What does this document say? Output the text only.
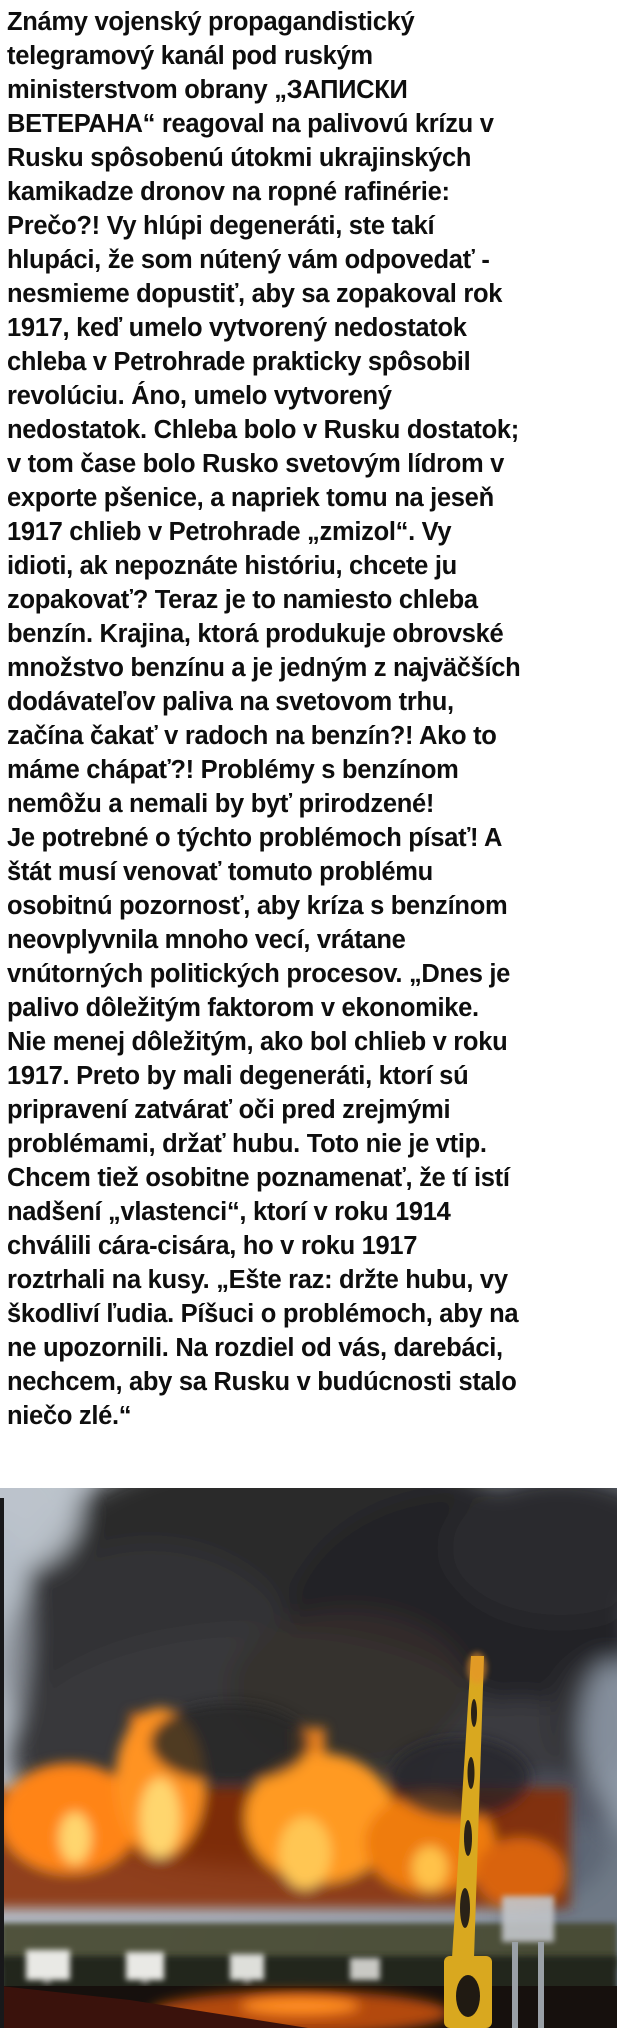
Známy vojenský propagandistický
telegramový kanál pod ruským
ministerstvom obrany „ЗАПИСКИ
ВЕТЕРАНА“ reagoval na palivovú krízu v
Rusku spôsobenú útokmi ukrajinských
kamikadze dronov na ropné rafinérie:
Prečo?! Vy hlúpi degeneráti, ste takí
hlupáci, že som nútený vám odpovedať -
nesmieme dopustiť, aby sa zopakoval rok
1917, keď umelo vytvorený nedostatok
chleba v Petrohrade prakticky spôsobil
revolúciu. Áno, umelo vytvorený
nedostatok. Chleba bolo v Rusku dostatok;
v tom čase bolo Rusko svetovým lídrom v
exporte pšenice, a napriek tomu na jeseň
1917 chlieb v Petrohrade „zmizol“. Vy
idioti, ak nepoznáte históriu, chcete ju
zopakovať? Teraz je to namiesto chleba
benzín. Krajina, ktorá produkuje obrovské
množstvo benzínu a je jedným z najväčších
dodávateľov paliva na svetovom trhu,
začína čakať v radoch na benzín?! Ako to
máme chápať?! Problémy s benzínom
nemôžu a nemali by byť prirodzené!
Je potrebné o týchto problémoch písať! A
štát musí venovať tomuto problému
osobitnú pozornosť, aby kríza s benzínom
neovplyvnila mnoho vecí, vrátane
vnútorných politických procesov. „Dnes je
palivo dôležitým faktorom v ekonomike.
Nie menej dôležitým, ako bol chlieb v roku
1917. Preto by mali degeneráti, ktorí sú
pripravení zatvárať oči pred zrejmými
problémami, držať hubu. Toto nie je vtip.
Chcem tiež osobitne poznamenať, že tí istí
nadšení „vlastenci“, ktorí v roku 1914
chválili cára-cisára, ho v roku 1917
roztrhali na kusy. „Ešte raz: držte hubu, vy
škodliví ľudia. Píšuci o problémoch, aby na
ne upozornili. Na rozdiel od vás, darebáci,
nechcem, aby sa Rusku v budúcnosti stalo
niečo zlé.“
